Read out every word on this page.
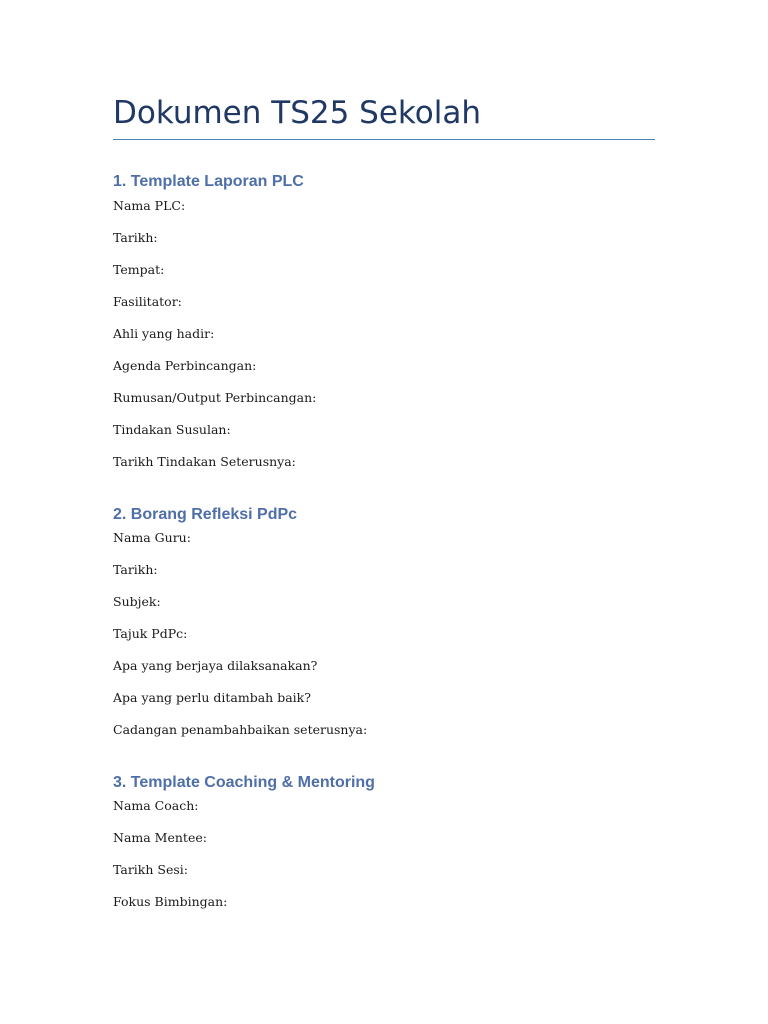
Dokumen TS25 Sekolah
1. Template Laporan PLC

Nama PLC:

Tarikh:

Tempat:

Fasilitator:

Ahli yang hadir:

Agenda Perbincangan:

Rumusan/Output Perbincangan:

Tindakan Susulan:

Tarikh Tindakan Seterusnya:

2. Borang Refleksi PdPc

Nama Guru:

Tarikh:

Subjek:

Tajuk PdPc:

Apa yang berjaya dilaksanakan?

Apa yang perlu ditambah baik?

Cadangan penambahbaikan seterusnya:

3. Template Coaching & Mentoring

Nama Coach:

Nama Mentee:

Tarikh Sesi:

Fokus Bimbingan:
